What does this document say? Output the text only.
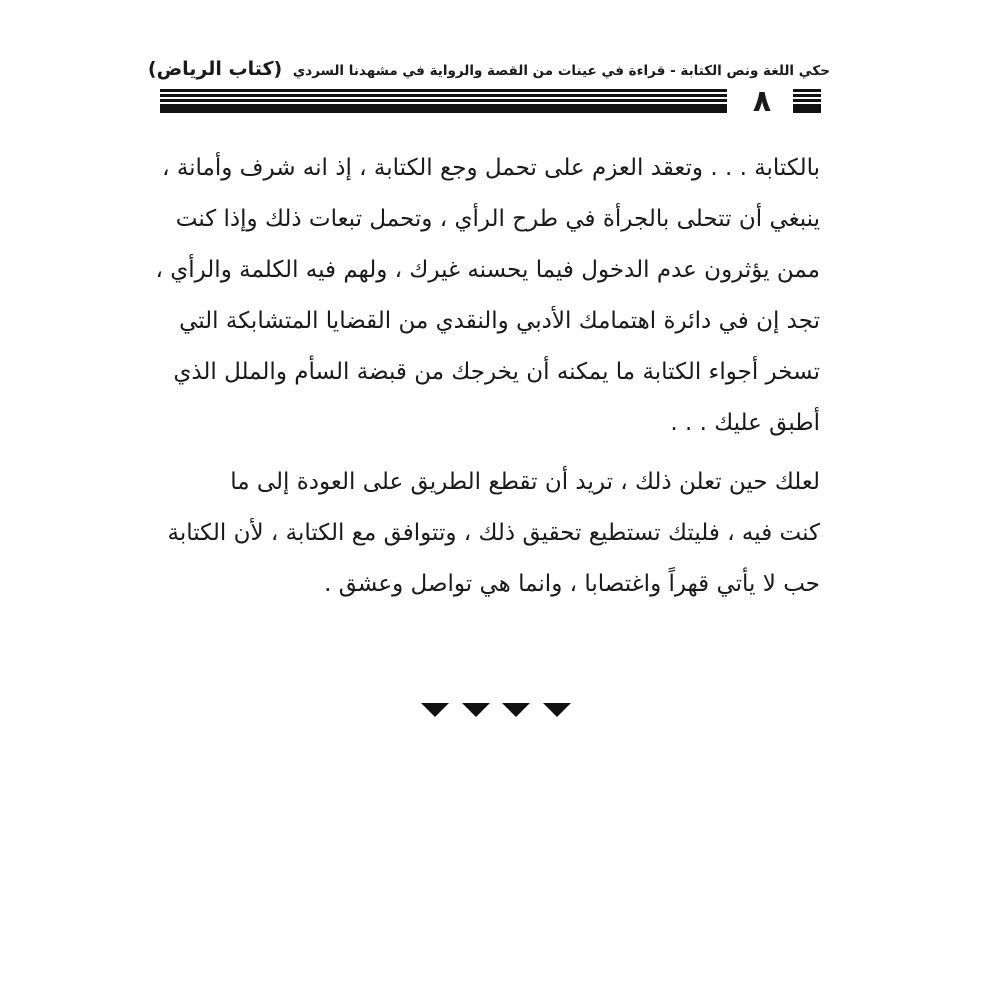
حكي اللغة ونص الكتابة - قراءة في عينات من القصة والرواية في مشهدنا السردي (كتاب الرياض)
٨
بالكتابة . . . وتعقد العزم على تحمل وجع الكتابة ، إذ انه شرف وأمانة ،
ينبغي أن تتحلى بالجرأة في طرح الرأي ، وتحمل تبعات ذلك وإذا كنت
ممن يؤثرون عدم الدخول فيما يحسنه غيرك ، ولهم فيه الكلمة والرأي ،
تجد إن في دائرة اهتمامك الأدبي والنقدي من القضايا المتشابكة التي
تسخر أجواء الكتابة ما يمكنه أن يخرجك من قبضة السأم والملل الذي
أطبق عليك . . .
لعلك حين تعلن ذلك ، تريد أن تقطع الطريق على العودة إلى ما
كنت فيه ، فليتك تستطيع تحقيق ذلك ، وتتوافق مع الكتابة ، لأن الكتابة
حب لا يأتي قهراً واغتصابا ، وانما هي تواصل وعشق .
